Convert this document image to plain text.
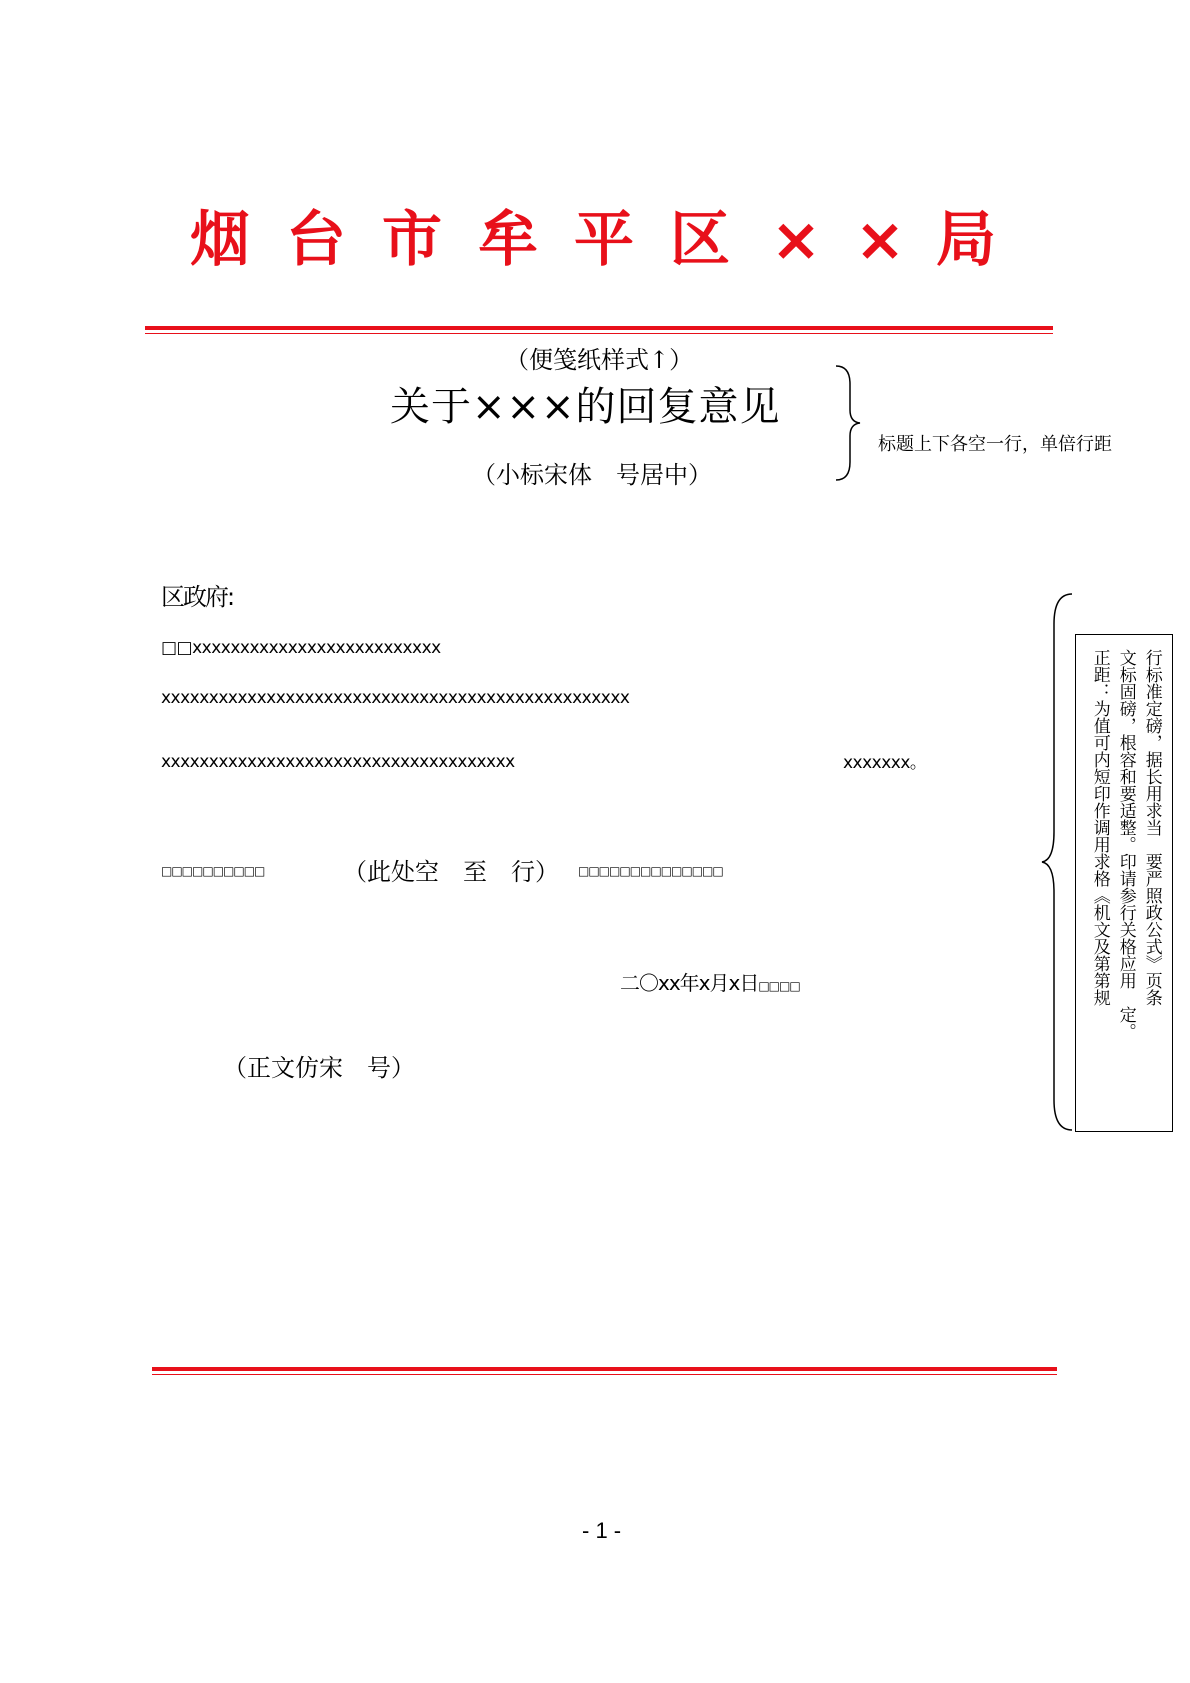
烟 台 市 牟 平 区 × × 局
（便笺纸样式↑）
关于×××的回复意见
（小标宋体　号居中）
标题上下各空一行，单倍行距
区政府:
□□xxxxxxxxxxxxxxxxxxxxxxxxxx
xxxxxxxxxxxxxxxxxxxxxxxxxxxxxxxxxxxxxxxxxxxxxxxxx
xxxxxxxxxxxxxxxxxxxxxxxxxxxxxxxxxxxxx	xxxxxxx。
□□□□□□□□□□	（此处空　至　行） □□□□□□□□□□□□□□
二〇xx年x月x日□□□□
（正文仿宋　号）
行标准定磅，据长用求当　要严照政公式》页条
文标固磅，根容和要适整。印请参行关格应用　定。
正距：为值可内短印作调用求格《机文及第第规
- 1 -
